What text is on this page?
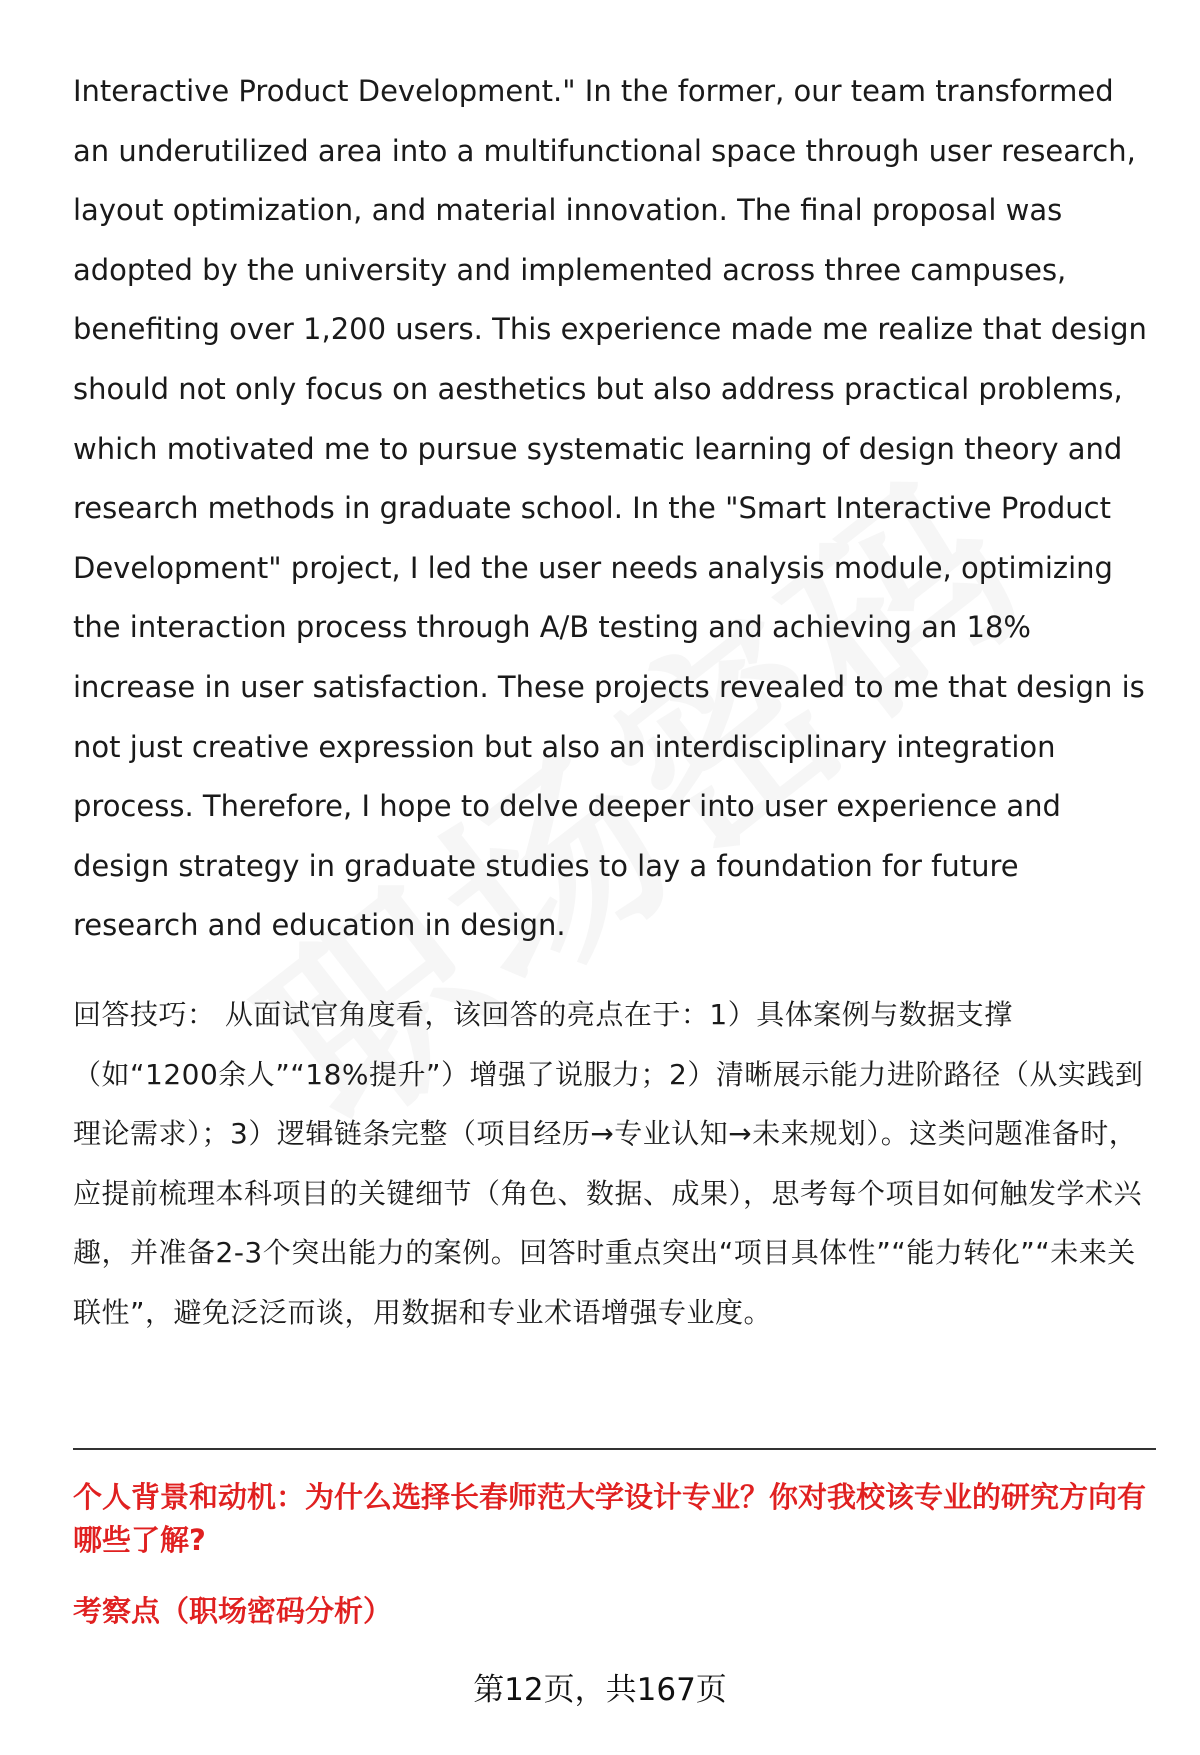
Interactive Product Development." In the former, our team transformed an underutilized area into a multifunctional space through user research, layout optimization, and material innovation. The final proposal was adopted by the university and implemented across three campuses, benefiting over 1,200 users. This experience made me realize that design should not only focus on aesthetics but also address practical problems, which motivated me to pursue systematic learning of design theory and research methods in graduate school. In the "Smart Interactive Product Development" project, I led the user needs analysis module, optimizing the interaction process through A/B testing and achieving an 18% increase in user satisfaction. These projects revealed to me that design is not just creative expression but also an interdisciplinary integration process. Therefore, I hope to delve deeper into user experience and design strategy in graduate studies to lay a foundation for future research and education in design.

回答技巧： 从面试官角度看，该回答的亮点在于：1）具体案例与数据支撑（如“1200余人”“18%提升”）增强了说服力；2）清晰展示能力进阶路径（从实践到理论需求）；3）逻辑链条完整（项目经历→专业认知→未来规划）。这类问题准备时，应提前梳理本科项目的关键细节（角色、数据、成果），思考每个项目如何触发学术兴趣，并准备2-3个突出能力的案例。回答时重点突出“项目具体性”“能力转化”“未来关联性”，避免泛泛而谈，用数据和专业术语增强专业度。

个人背景和动机：为什么选择长春师范大学设计专业？你对我校该专业的研究方向有哪些了解?

考察点（职场密码分析）

第12页，共167页
